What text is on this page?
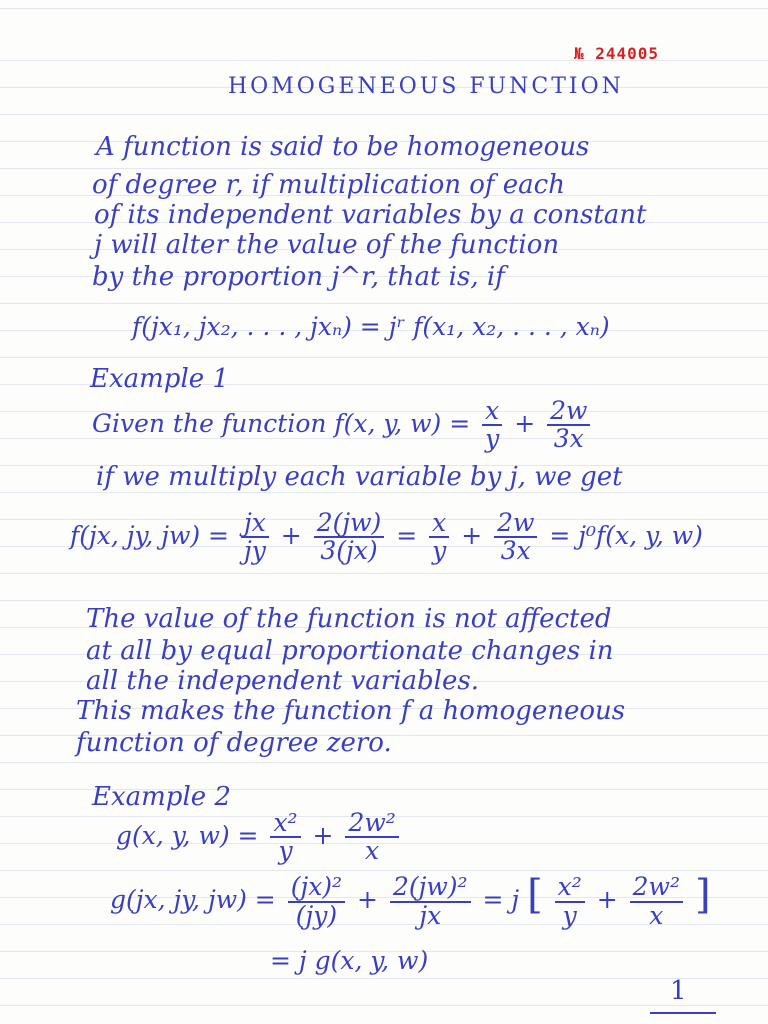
№ 244005
HOMOGENEOUS FUNCTION
A function is said to be homogeneous
of degree r, if multiplication of each
of its independent variables by a constant
j will alter the value of the function
by the proportion j^r, that is, if
f(jx₁, jx₂, . . . , jxₙ) = jʳ f(x₁, x₂, . . . , xₙ)
Example 1
Given the function f(x, y, $w) = \frac{x}{y} + \frac{2w}{3x}$
if we multiply each variable by j, we get
f(jx, jy, $jw) = \frac{jx}{jy} + \frac{2(jw)}{3(jx)} = \frac{x}{y} + \frac{2w}{3x} = j^0f(x$, y, w)
The value of the function is not affected
at all by equal proportionate changes in
all the independent variables.
This makes the function f a homogeneous
function of degree zero.
Example 2
g(x, y, $w) = \frac{\text{x²}}{y} + \frac{\text{2w²}}{x}$
g(jx, jy, $jw) = \frac{\text{(jx)²}}{(jy)} + \frac{\text{2(jw)²}}{jx} = j$ [ $\frac{\text{x²}}{y} + \frac{\text{2w²}}{x}$ ]
= j g(x, y, w)
1
